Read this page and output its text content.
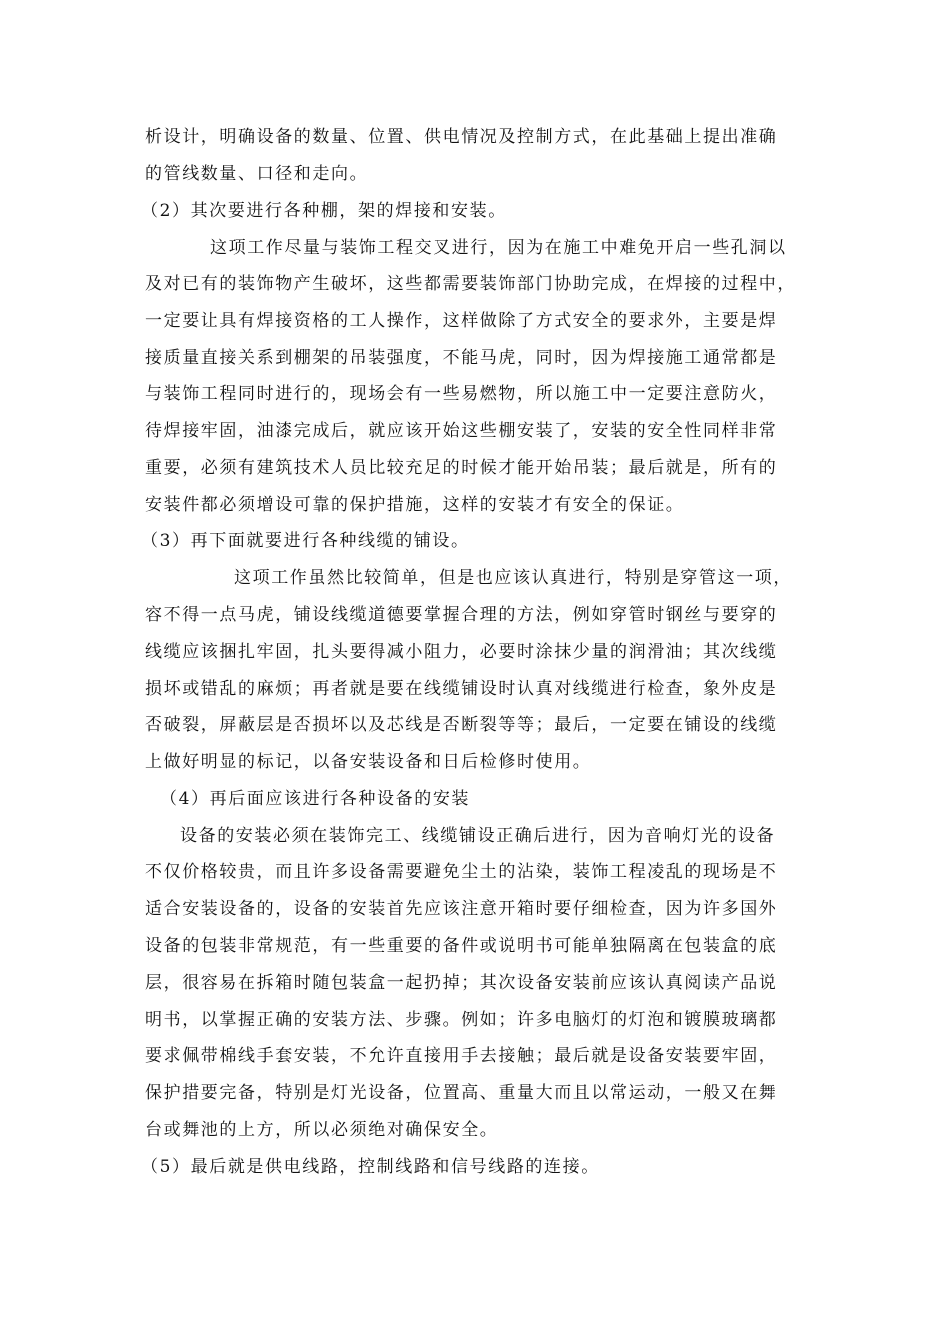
析设计，明确设备的数量、位置、供电情况及控制方式，在此基础上提出准确
的管线数量、口径和走向。
（2）其次要进行各种棚，架的焊接和安装。
这项工作尽量与装饰工程交叉进行，因为在施工中难免开启一些孔洞以
及对已有的装饰物产生破坏，这些都需要装饰部门协助完成，在焊接的过程中，
一定要让具有焊接资格的工人操作，这样做除了方式安全的要求外，主要是焊
接质量直接关系到棚架的吊装强度，不能马虎，同时，因为焊接施工通常都是
与装饰工程同时进行的，现场会有一些易燃物，所以施工中一定要注意防火，
待焊接牢固，油漆完成后，就应该开始这些棚安装了，安装的安全性同样非常
重要，必须有建筑技术人员比较充足的时候才能开始吊装；最后就是，所有的
安装件都必须增设可靠的保护措施，这样的安装才有安全的保证。
（3）再下面就要进行各种线缆的铺设。
这项工作虽然比较简单，但是也应该认真进行，特别是穿管这一项，
容不得一点马虎，铺设线缆道德要掌握合理的方法，例如穿管时钢丝与要穿的
线缆应该捆扎牢固，扎头要得减小阻力，必要时涂抹少量的润滑油；其次线缆
损坏或错乱的麻烦；再者就是要在线缆铺设时认真对线缆进行检查，象外皮是
否破裂，屏蔽层是否损坏以及芯线是否断裂等等；最后，一定要在铺设的线缆
上做好明显的标记，以备安装设备和日后检修时使用。
（4）再后面应该进行各种设备的安装
设备的安装必须在装饰完工、线缆铺设正确后进行，因为音响灯光的设备
不仅价格较贵，而且许多设备需要避免尘土的沾染，装饰工程凌乱的现场是不
适合安装设备的，设备的安装首先应该注意开箱时要仔细检查，因为许多国外
设备的包装非常规范，有一些重要的备件或说明书可能单独隔离在包装盒的底
层，很容易在拆箱时随包装盒一起扔掉；其次设备安装前应该认真阅读产品说
明书，以掌握正确的安装方法、步骤。例如；许多电脑灯的灯泡和镀膜玻璃都
要求佩带棉线手套安装，不允许直接用手去接触；最后就是设备安装要牢固，
保护措要完备，特别是灯光设备，位置高、重量大而且以常运动，一般又在舞
台或舞池的上方，所以必须绝对确保安全。
（5）最后就是供电线路，控制线路和信号线路的连接。
